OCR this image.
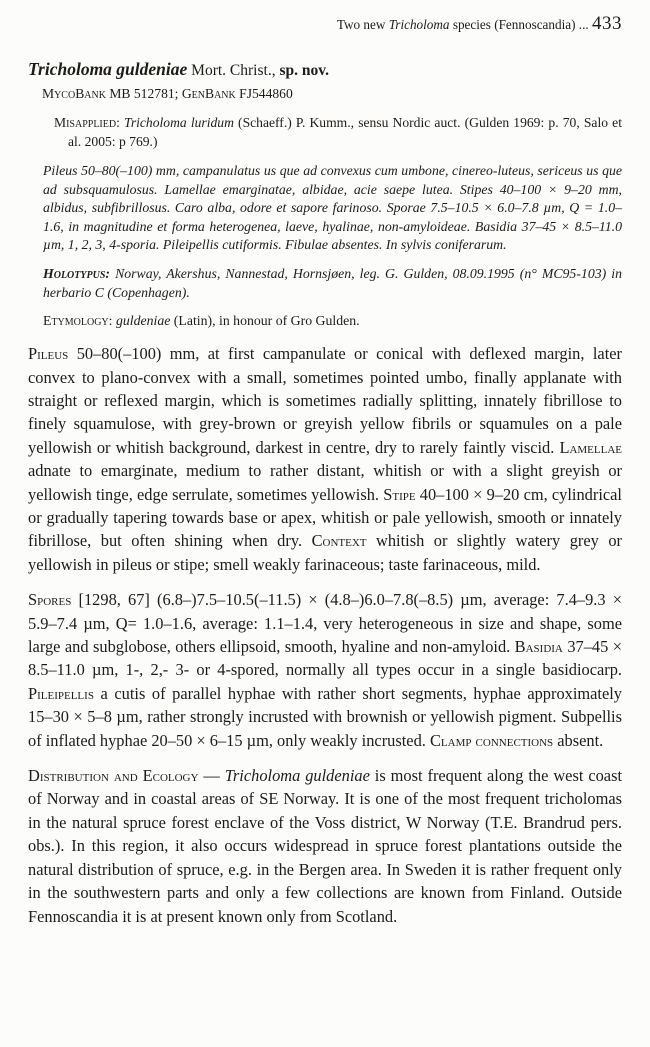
Two new Tricholoma species (Fennoscandia) ... 433

Tricholoma guldeniae Mort. Christ., sp. nov.

MycoBank MB 512781; GenBank FJ544860

Misapplied: Tricholoma luridum (Schaeff.) P. Kumm., sensu Nordic auct. (Gulden 1969: p. 70, Salo et al. 2005: p 769.)

Pileus 50–80(–100) mm, campanulatus us que ad convexus cum umbone, cinereo-luteus, sericeus us que ad subsquamulosus. Lamellae emarginatae, albidae, acie saepe lutea. Stipes 40–100 × 9–20 mm, albidus, subfibrillosus. Caro alba, odore et sapore farinoso. Sporae 7.5–10.5 × 6.0–7.8 µm, Q = 1.0–1.6, in magnitudine et forma heterogenea, laeve, hyalinae, non-amyloideae. Basidia 37–45 × 8.5–11.0 µm, 1, 2, 3, 4-sporia. Pileipellis cutiformis. Fibulae absentes. In sylvis coniferarum.

Holotypus: Norway, Akershus, Nannestad, Hornsjøen, leg. G. Gulden, 08.09.1995 (n° MC95-103) in herbario C (Copenhagen).

Etymology: guldeniae (Latin), in honour of Gro Gulden.

Pileus 50–80(–100) mm, at first campanulate or conical with deflexed margin, later convex to plano-convex with a small, sometimes pointed umbo, finally applanate with straight or reflexed margin, which is sometimes radially splitting, innately fibrillose to finely squamulose, with grey-brown or greyish yellow fibrils or squamules on a pale yellowish or whitish background, darkest in centre, dry to rarely faintly viscid. Lamellae adnate to emarginate, medium to rather distant, whitish or with a slight greyish or yellowish tinge, edge serrulate, sometimes yellowish. Stipe 40–100 × 9–20 cm, cylindrical or gradually tapering towards base or apex, whitish or pale yellowish, smooth or innately fibrillose, but often shining when dry. Context whitish or slightly watery grey or yellowish in pileus or stipe; smell weakly farinaceous; taste farinaceous, mild.

Spores [1298, 67] (6.8–)7.5–10.5(–11.5) × (4.8–)6.0–7.8(–8.5) µm, average: 7.4–9.3 × 5.9–7.4 µm, Q= 1.0–1.6, average: 1.1–1.4, very heterogeneous in size and shape, some large and subglobose, others ellipsoid, smooth, hyaline and non-amyloid. Basidia 37–45 × 8.5–11.0 µm, 1-, 2,- 3- or 4-spored, normally all types occur in a single basidiocarp. Pileipellis a cutis of parallel hyphae with rather short segments, hyphae approximately 15–30 × 5–8 µm, rather strongly incrusted with brownish or yellowish pigment. Subpellis of inflated hyphae 20–50 × 6–15 µm, only weakly incrusted. Clamp connections absent.

Distribution and Ecology — Tricholoma guldeniae is most frequent along the west coast of Norway and in coastal areas of SE Norway. It is one of the most frequent tricholomas in the natural spruce forest enclave of the Voss district, W Norway (T.E. Brandrud pers. obs.). In this region, it also occurs widespread in spruce forest plantations outside the natural distribution of spruce, e.g. in the Bergen area. In Sweden it is rather frequent only in the southwestern parts and only a few collections are known from Finland. Outside Fennoscandia it is at present known only from Scotland.
